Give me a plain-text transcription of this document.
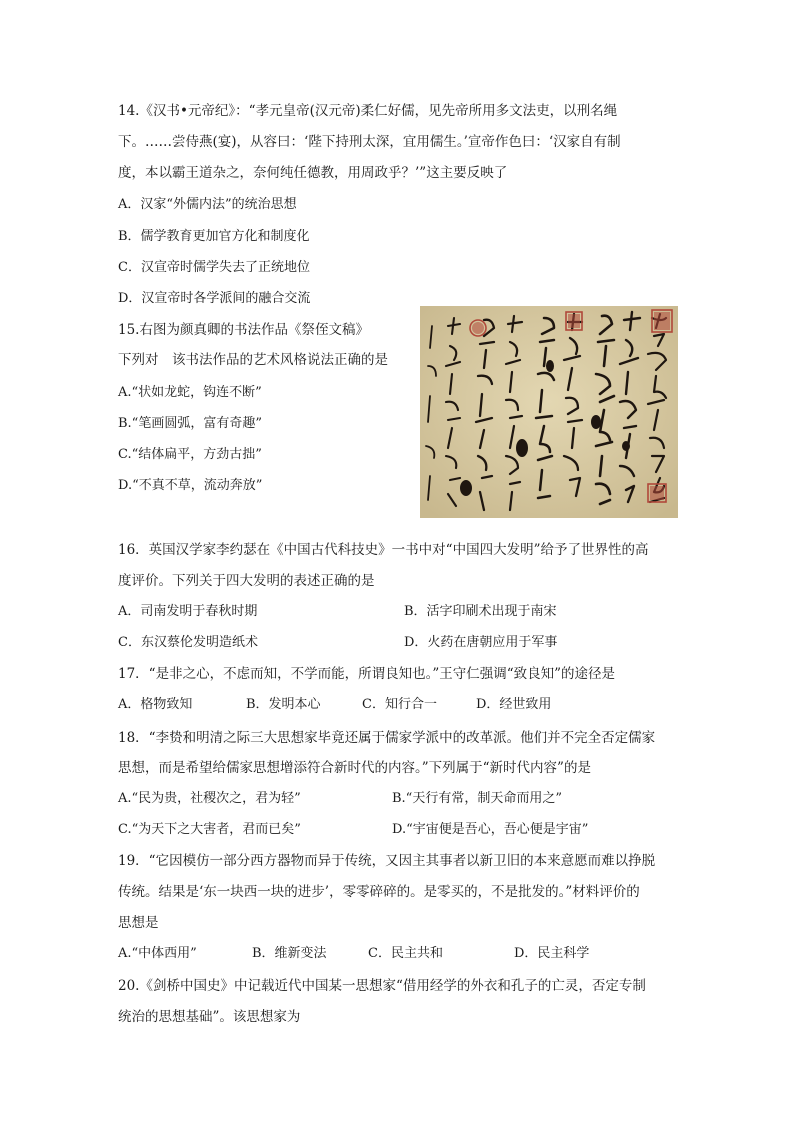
14.《汉书•元帝纪》：“孝元皇帝(汉元帝)柔仁好儒，见先帝所用多文法吏，以刑名绳
下。……尝侍燕(宴)，从容曰：‘陛下持刑太深，宜用儒生。’宣帝作色曰：‘汉家自有制
度，本以霸王道杂之，奈何纯任德教，用周政乎？’”这主要反映了
A．汉家“外儒内法”的统治思想
B．儒学教育更加官方化和制度化
C．汉宣帝时儒学失去了正统地位
D．汉宣帝时各学派间的融合交流
15.右图为颜真卿的书法作品《祭侄文稿》
下列对　该书法作品的艺术风格说法正确的是
A.“状如龙蛇，钩连不断”
B.“笔画圆弧，富有奇趣”
C.“结体扁平，方劲古拙”
D.“不真不草，流动奔放”
16．英国汉学家李约瑟在《中国古代科技史》一书中对“中国四大发明”给予了世界性的高
度评价。下列关于四大发明的表述正确的是
A．司南发明于春秋时期	B．活字印刷术出现于南宋
C．东汉蔡伦发明造纸术	D．火药在唐朝应用于军事
17．“是非之心，不虑而知，不学而能，所谓良知也。”王守仁强调“致良知”的途径是
A．格物致知	B．发明本心	C．知行合一	D．经世致用
18．“李贽和明清之际三大思想家毕竟还属于儒家学派中的改革派。他们并不完全否定儒家
思想，而是希望给儒家思想增添符合新时代的内容。”下列属于“新时代内容”的是
A.“民为贵，社稷次之，君为轻”	B.“天行有常，制天命而用之”
C.“为天下之大害者，君而已矣”	D.“宇宙便是吾心，吾心便是宇宙”
19．“它因模仿一部分西方器物而异于传统，又因主其事者以新卫旧的本来意愿而难以挣脱
传统。结果是‘东一块西一块的进步’，零零碎碎的。是零买的，不是批发的。”材料评价的
思想是
A.“中体西用”	B．维新变法	C．民主共和	D．民主科学
20.《剑桥中国史》中记载近代中国某一思想家“借用经学的外衣和孔子的亡灵，否定专制
统治的思想基础”。该思想家为
